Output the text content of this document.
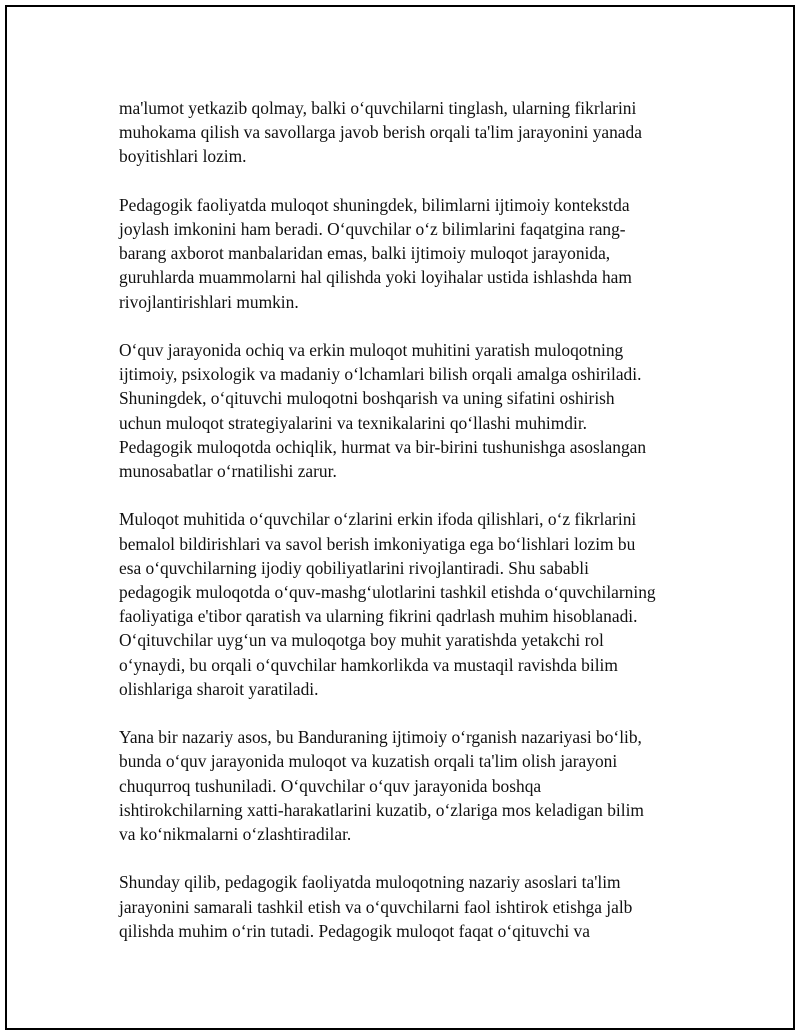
ma'lumot yetkazib qolmay, balki o‘quvchilarni tinglash, ularning fikrlarini
muhokama qilish va savollarga javob berish orqali ta'lim jarayonini yanada
boyitishlari lozim.

Pedagogik faoliyatda muloqot shuningdek, bilimlarni ijtimoiy kontekstda
joylash imkonini ham beradi. O‘quvchilar o‘z bilimlarini faqatgina rang-
barang axborot manbalaridan emas, balki ijtimoiy muloqot jarayonida,
guruhlarda muammolarni hal qilishda yoki loyihalar ustida ishlashda ham
rivojlantirishlari mumkin.

O‘quv jarayonida ochiq va erkin muloqot muhitini yaratish muloqotning
ijtimoiy, psixologik va madaniy o‘lchamlari bilish orqali amalga oshiriladi.
Shuningdek, o‘qituvchi muloqotni boshqarish va uning sifatini oshirish
uchun muloqot strategiyalarini va texnikalarini qo‘llashi muhimdir.
Pedagogik muloqotda ochiqlik, hurmat va bir-birini tushunishga asoslangan
munosabatlar o‘rnatilishi zarur.

Muloqot muhitida o‘quvchilar o‘zlarini erkin ifoda qilishlari, o‘z fikrlarini
bemalol bildirishlari va savol berish imkoniyatiga ega bo‘lishlari lozim bu
esa o‘quvchilarning ijodiy qobiliyatlarini rivojlantiradi. Shu sababli
pedagogik muloqotda o‘quv-mashg‘ulotlarini tashkil etishda o‘quvchilarning
faoliyatiga e'tibor qaratish va ularning fikrini qadrlash muhim hisoblanadi.
O‘qituvchilar uyg‘un va muloqotga boy muhit yaratishda yetakchi rol
o‘ynaydi, bu orqali o‘quvchilar hamkorlikda va mustaqil ravishda bilim
olishlariga sharoit yaratiladi.

Yana bir nazariy asos, bu Banduraning ijtimoiy o‘rganish nazariyasi bo‘lib,
bunda o‘quv jarayonida muloqot va kuzatish orqali ta'lim olish jarayoni
chuqurroq tushuniladi. O‘quvchilar o‘quv jarayonida boshqa
ishtirokchilarning xatti-harakatlarini kuzatib, o‘zlariga mos keladigan bilim
va ko‘nikmalarni o‘zlashtiradilar.

Shunday qilib, pedagogik faoliyatda muloqotning nazariy asoslari ta'lim
jarayonini samarali tashkil etish va o‘quvchilarni faol ishtirok etishga jalb
qilishda muhim o‘rin tutadi. Pedagogik muloqot faqat o‘qituvchi va
